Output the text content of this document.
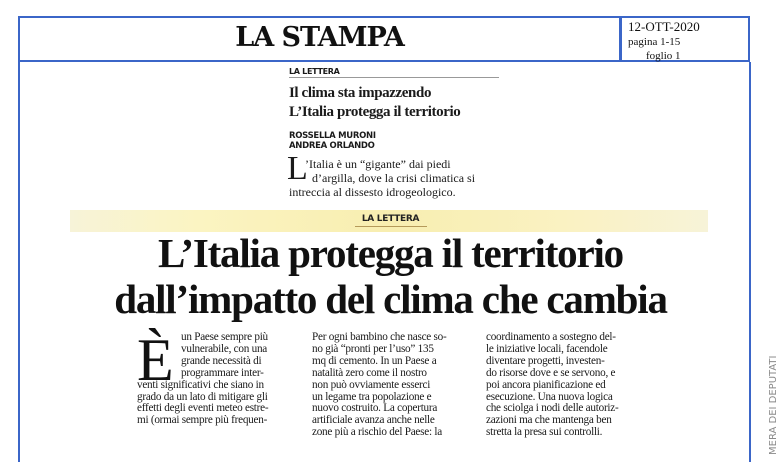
LA STAMPA	12-OTT-2020
pagina 1-15
foglio 1
LA LETTERA
Il clima sta impazzendo
L’Italia protegga il territorio
ROSSELLA MURONI
ANDREA ORLANDO
L
’Italia è un “gigante” dai piedi
d’argilla, dove la crisi climatica si
intreccia al dissesto idrogeologico.
LA LETTERA
L’Italia protegga il territorio
dall’impatto del clima che cambia
È un Paese sempre più
vulnerabile, con una
grande necessità di
programmare inter-
venti significativi che siano in
grado da un lato di mitigare gli
effetti degli eventi meteo estre-
mi (ormai sempre più frequen-
Per ogni bambino che nasce so-
no già “pronti per l’uso” 135
mq di cemento. In un Paese a
natalità zero come il nostro
non può ovviamente esserci
un legame tra popolazione e
nuovo costruito. La copertura
artificiale avanza anche nelle
zone più a rischio del Paese: la
coordinamento a sostegno del-
le iniziative locali, facendole
diventare progetti, investen-
do risorse dove e se servono, e
poi ancora pianificazione ed
esecuzione. Una nuova logica
che sciolga i nodi delle autoriz-
zazioni ma che mantenga ben
stretta la presa sui controlli.	MERA DEI DEPUTATI
